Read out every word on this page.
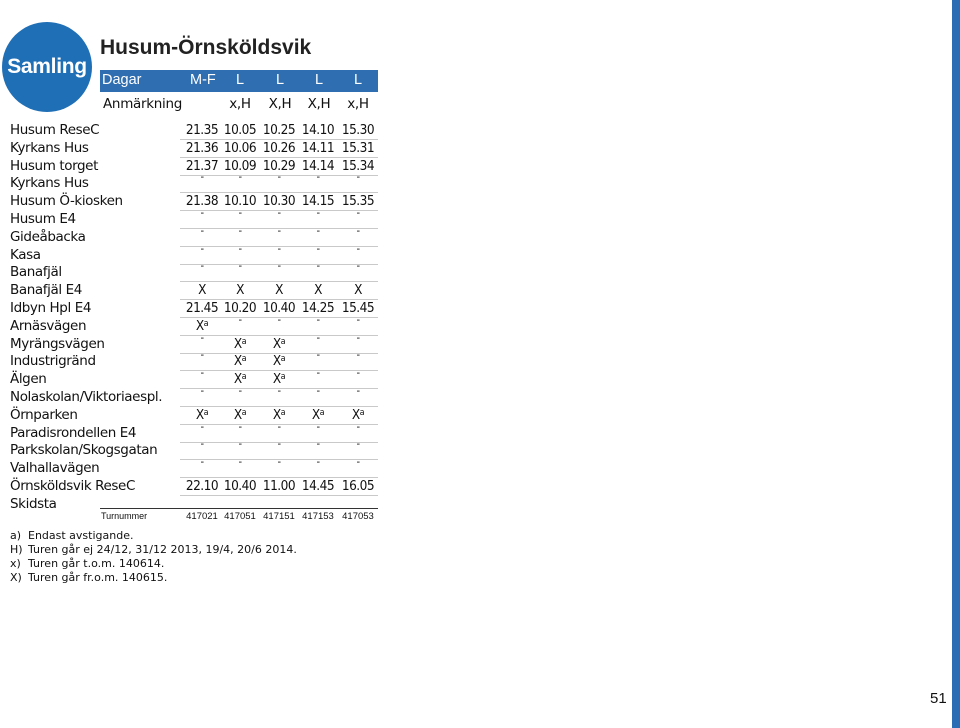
Samling
Husum-Örnsköldsvik
Dagar	M-F L L L L
Anmärkning	x,H	X,H	X,H	x,H
Husum ReseC	21.35 10.05 10.25 14.10 15.30
Kyrkans Hus	21.36 10.06 10.26 14.11 15.31
Husum torget	21.37 10.09 10.29 14.14 15.34
Kyrkans Hus	-	-	-	-	-
Husum Ö-kiosken	21.38 10.10 10.30 14.15 15.35
Husum E4	-	-	-	-	-
Gideåbacka	-	-	-	-	-
Kasa	-	-	-	-	-
Banafjäl	-	-	-	-	-
Banafjäl E4	X	X	X	X	X
Idbyn Hpl E4	21.45 10.20 10.40 14.25 15.45
Arnäsvägen	$X^a$	-	-	-	-
Myrängsvägen	-	$X^a$	$X^a$	-	-
Industrigränd	-	$X^a$	$X^a$	-	-
Älgen	-	$X^a$	$X^a$	-	-
Nolaskolan/Viktoriaespl.	-	-	-	-	-
Örnparken	$X^a$	$X^a$	$X^a$	$X^a$	$X^a$
Paradisrondellen E4	-	-	-	-	-
Parkskolan/Skogsgatan	-	-	-	-	-
Valhallavägen	-	-	-	-	-
Örnsköldsvik ReseC	22.10 10.40 11.00 14.45 16.05
Skidsta
Turnummer	417021 417051 417151 417153 417053
a) Endast avstigande.
H) Turen går ej 24/12, 31/12 2013, 19/4, 20/6 2014.
x) Turen går t.o.m. 140614.
X) Turen går fr.o.m. 140615.
51
